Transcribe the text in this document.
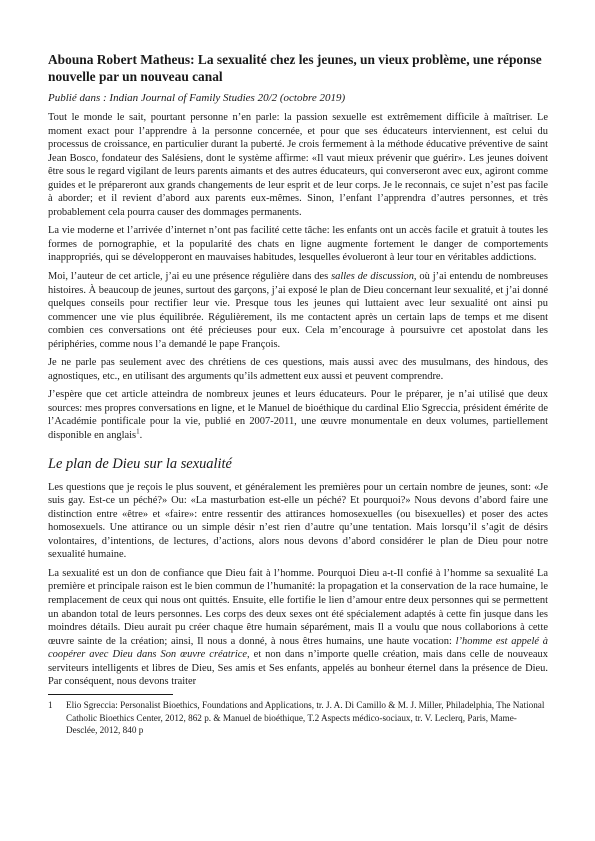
Abouna Robert Matheus: La sexualité chez les jeunes, un vieux problème, une réponse nouvelle par un nouveau canal
Publié dans : Indian Journal of Family Studies 20/2 (octobre 2019)

Tout le monde le sait, pourtant personne n’en parle: la passion sexuelle est extrêmement difficile à maîtriser. Le moment exact pour l’apprendre à la personne concernée, et pour que ses éducateurs interviennent, est celui du processus de croissance, en particulier durant la puberté. Je crois fermement à la méthode éducative préventive de saint Jean Bosco, fondateur des Salésiens, dont le système affirme: «Il vaut mieux prévenir que guérir». Les jeunes doivent être sous le regard vigilant de leurs parents aimants et des autres éducateurs, qui converseront avec eux, agiront comme guides et le prépareront aux grands changements de leur esprit et de leur corps. Je le reconnais, ce sujet n’est pas facile à aborder; et il revient d’abord aux parents eux-mêmes. Sinon, l’enfant l’apprendra d’autres personnes, et très probablement cela pourra causer des dommages permanents.

La vie moderne et l’arrivée d’internet n’ont pas facilité cette tâche: les enfants ont un accès facile et gratuit à toutes les formes de pornographie, et la popularité des chats en ligne augmente fortement le danger de comportements inappropriés, qui se développeront en mauvaises habitudes, lesquelles évolueront à leur tour en véritables addictions.

Moi, l’auteur de cet article, j’ai eu une présence régulière dans des salles de discussion, où j’ai entendu de nombreuses histoires. À beaucoup de jeunes, surtout des garçons, j’ai exposé le plan de Dieu concernant leur sexualité, et j’ai donné quelques conseils pour rectifier leur vie. Presque tous les jeunes qui luttaient avec leur sexualité ont ainsi pu commencer une vie plus équilibrée. Régulièrement, ils me contactent après un certain laps de temps et me disent combien ces conversations ont été précieuses pour eux. Cela m’encourage à poursuivre cet apostolat dans les périphéries, comme nous l’a demandé le pape François.

Je ne parle pas seulement avec des chrétiens de ces questions, mais aussi avec des musulmans, des hindous, des agnostiques, etc., en utilisant des arguments qu’ils admettent eux aussi et peuvent comprendre.

J’espère que cet article atteindra de nombreux jeunes et leurs éducateurs. Pour le préparer, je n’ai utilisé que deux sources: mes propres conversations en ligne, et le Manuel de bioéthique du cardinal Elio Sgreccia, président émérite de l’Académie pontificale pour la vie, publié en 2007-2011, une œuvre monumentale en deux volumes, partiellement disponible en anglais$^1$.

Le plan de Dieu sur la sexualité

Les questions que je reçois le plus souvent, et généralement les premières pour un certain nombre de jeunes, sont: «Je suis gay. Est-ce un péché?» Ou: «La masturbation est-elle un péché? Et pourquoi?» Nous devons d’abord faire une distinction entre «être» et «faire»: entre ressentir des attirances homosexuelles (ou bisexuelles) et poser des actes homosexuels. Une attirance ou un simple désir n’est rien d’autre qu’une tentation. Mais lorsqu’il s’agit de désirs volontaires, d’intentions, de lectures, d’actions, alors nous devons d’abord considérer le plan de Dieu pour notre sexualité humaine.

La sexualité est un don de confiance que Dieu fait à l’homme. Pourquoi Dieu a-t-Il confié à l’homme sa sexualité La première et principale raison est le bien commun de l’humanité: la propagation et la conservation de la race humaine, le remplacement de ceux qui nous ont quittés. Ensuite, elle fortifie le lien d’amour entre deux personnes qui se permettent un abandon total de leurs personnes. Les corps des deux sexes ont été spécialement adaptés à cette fin jusque dans les moindres détails. Dieu aurait pu créer chaque être humain séparément, mais Il a voulu que nous collaborions à cette œuvre sainte de la création; ainsi, Il nous a donné, à nous êtres humains, une haute vocation: l’homme est appelé à coopérer avec Dieu dans Son œuvre créatrice, et non dans n’importe quelle création, mais dans celle de nouveaux serviteurs intelligents et libres de Dieu, Ses amis et Ses enfants, appelés au bonheur éternel dans la présence de Dieu. Par conséquent, nous devons traiter

1	Elio Sgreccia: Personalist Bioethics, Foundations and Applications, tr. J. A. Di Camillo & M. J. Miller, Philadelphia, The National Catholic Bioethics Center, 2012, 862 p. & Manuel de bioéthique, T.2 Aspects médico-sociaux, tr. V. Leclerq, Paris, Mame-Desclée, 2012, 840 p
